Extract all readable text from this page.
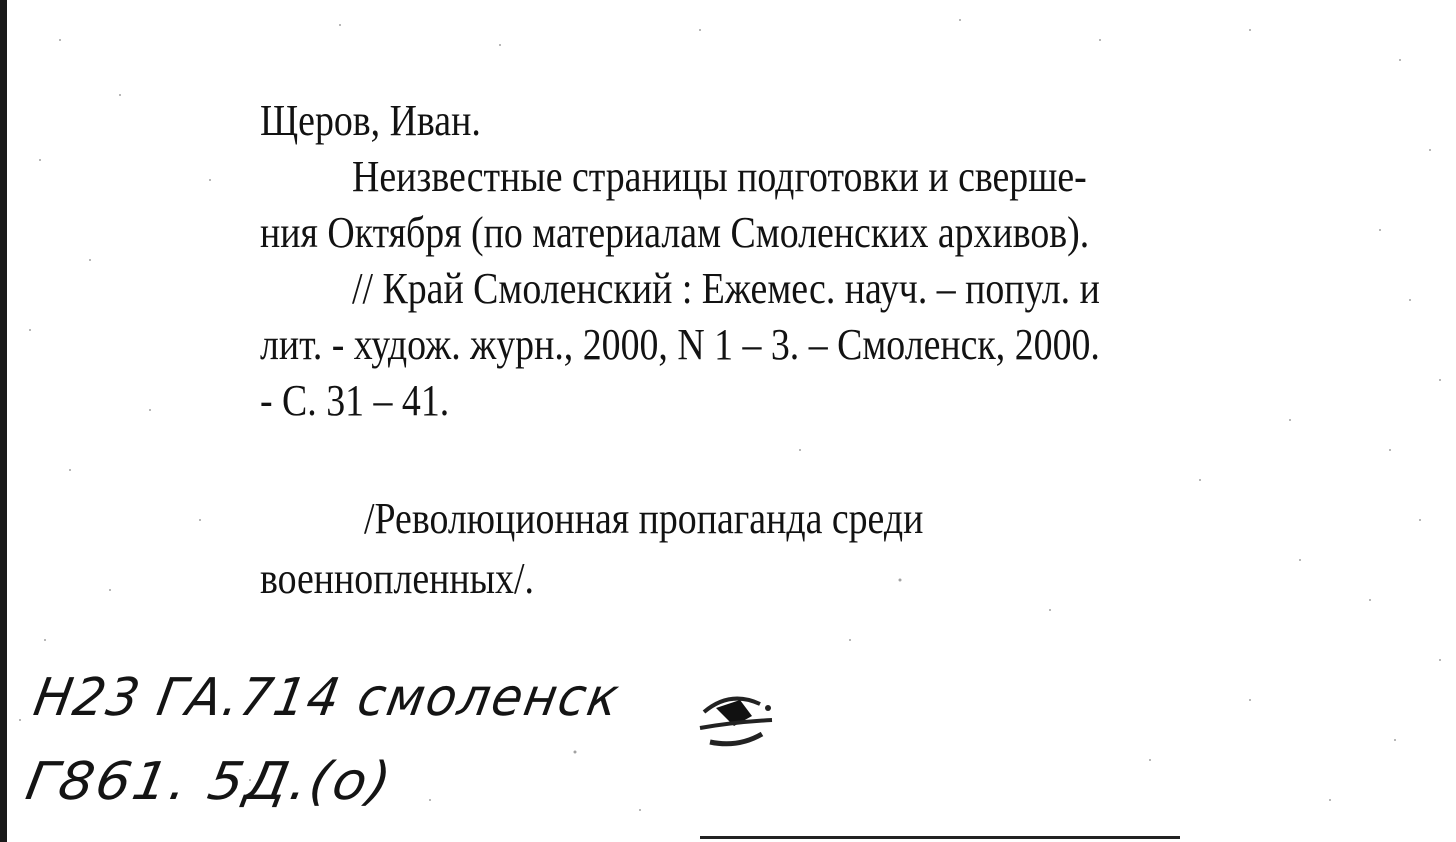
Щеров, Иван.
Неизвестные страницы подготовки и сверше-
ния Октября (по материалам Смоленских архивов).
// Край Смоленский : Ежемес. науч. – попул. и
лит. - худож. журн., 2000, N 1 – 3. – Смоленск, 2000.
- С. 31 – 41.
/Революционная пропаганда среди
военнопленных/.
Н23 ГА.714 смоленск
Г861. 5Д.(о)
